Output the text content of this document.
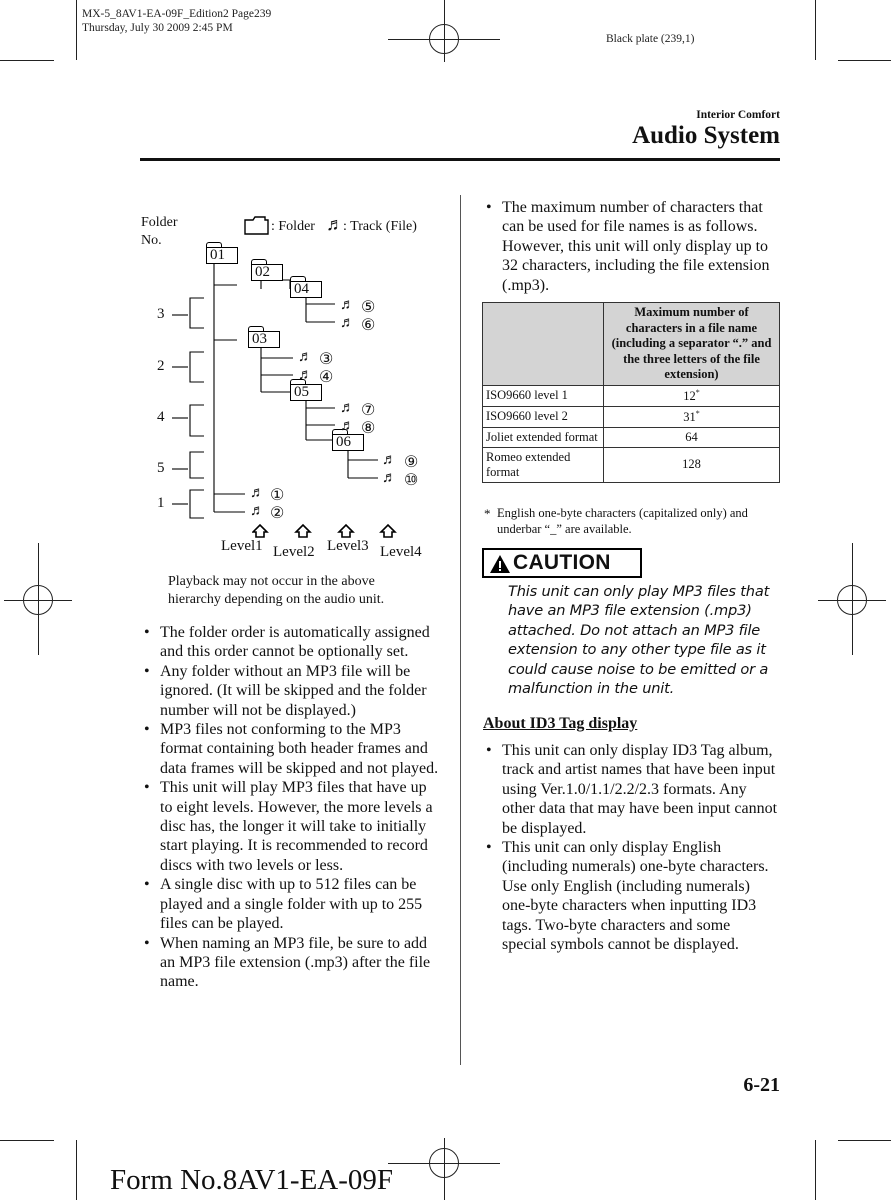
MX-5_8AV1-EA-09F_Edition2 Page239
Thursday, July 30 2009 2:45 PM
Black plate (239,1)
Interior Comfort
Audio System
Folder No.
: Folder ♬ : Track (File)
3
2
4
5
1
01
02
04
03
05
06
♬ ⑤
♬ ⑥
♬ ③
♬ ④
♬ ⑦
♬ ⑧
♬ ⑨
♬ ⑩
♬ ①
♬ ②
Level1 Level2 Level3 Level4
Playback may not occur in the above hierarchy depending on the audio unit.
• The folder order is automatically assigned and this order cannot be optionally set.
• Any folder without an MP3 file will be ignored. (It will be skipped and the folder number will not be displayed.)
• MP3 files not conforming to the MP3 format containing both header frames and data frames will be skipped and not played.
• This unit will play MP3 files that have up to eight levels. However, the more levels a disc has, the longer it will take to initially start playing. It is recommended to record discs with two levels or less.
• A single disc with up to 512 files can be played and a single folder with up to 255 files can be played.
• When naming an MP3 file, be sure to add an MP3 file extension (.mp3) after the file name.
• The maximum number of characters that can be used for file names is as follows. However, this unit will only display up to 32 characters, including the file extension (.mp3).
	Maximum number of characters in a file name (including a separator “.” and the three letters of the file extension)
ISO9660 level 1	12*
ISO9660 level 2	31*
Joliet extended format	64
Romeo extended format	128
* English one-byte characters (capitalized only) and underbar “_” are available.
CAUTION
This unit can only play MP3 files that have an MP3 file extension (.mp3) attached. Do not attach an MP3 file extension to any other type file as it could cause noise to be emitted or a malfunction in the unit.
About ID3 Tag display
• This unit can only display ID3 Tag album, track and artist names that have been input using Ver.1.0/1.1/2.2/2.3 formats. Any other data that may have been input cannot be displayed.
• This unit can only display English (including numerals) one-byte characters. Use only English (including numerals) one-byte characters when inputting ID3 tags. Two-byte characters and some special symbols cannot be displayed.
6-21
Form No.8AV1-EA-09F
